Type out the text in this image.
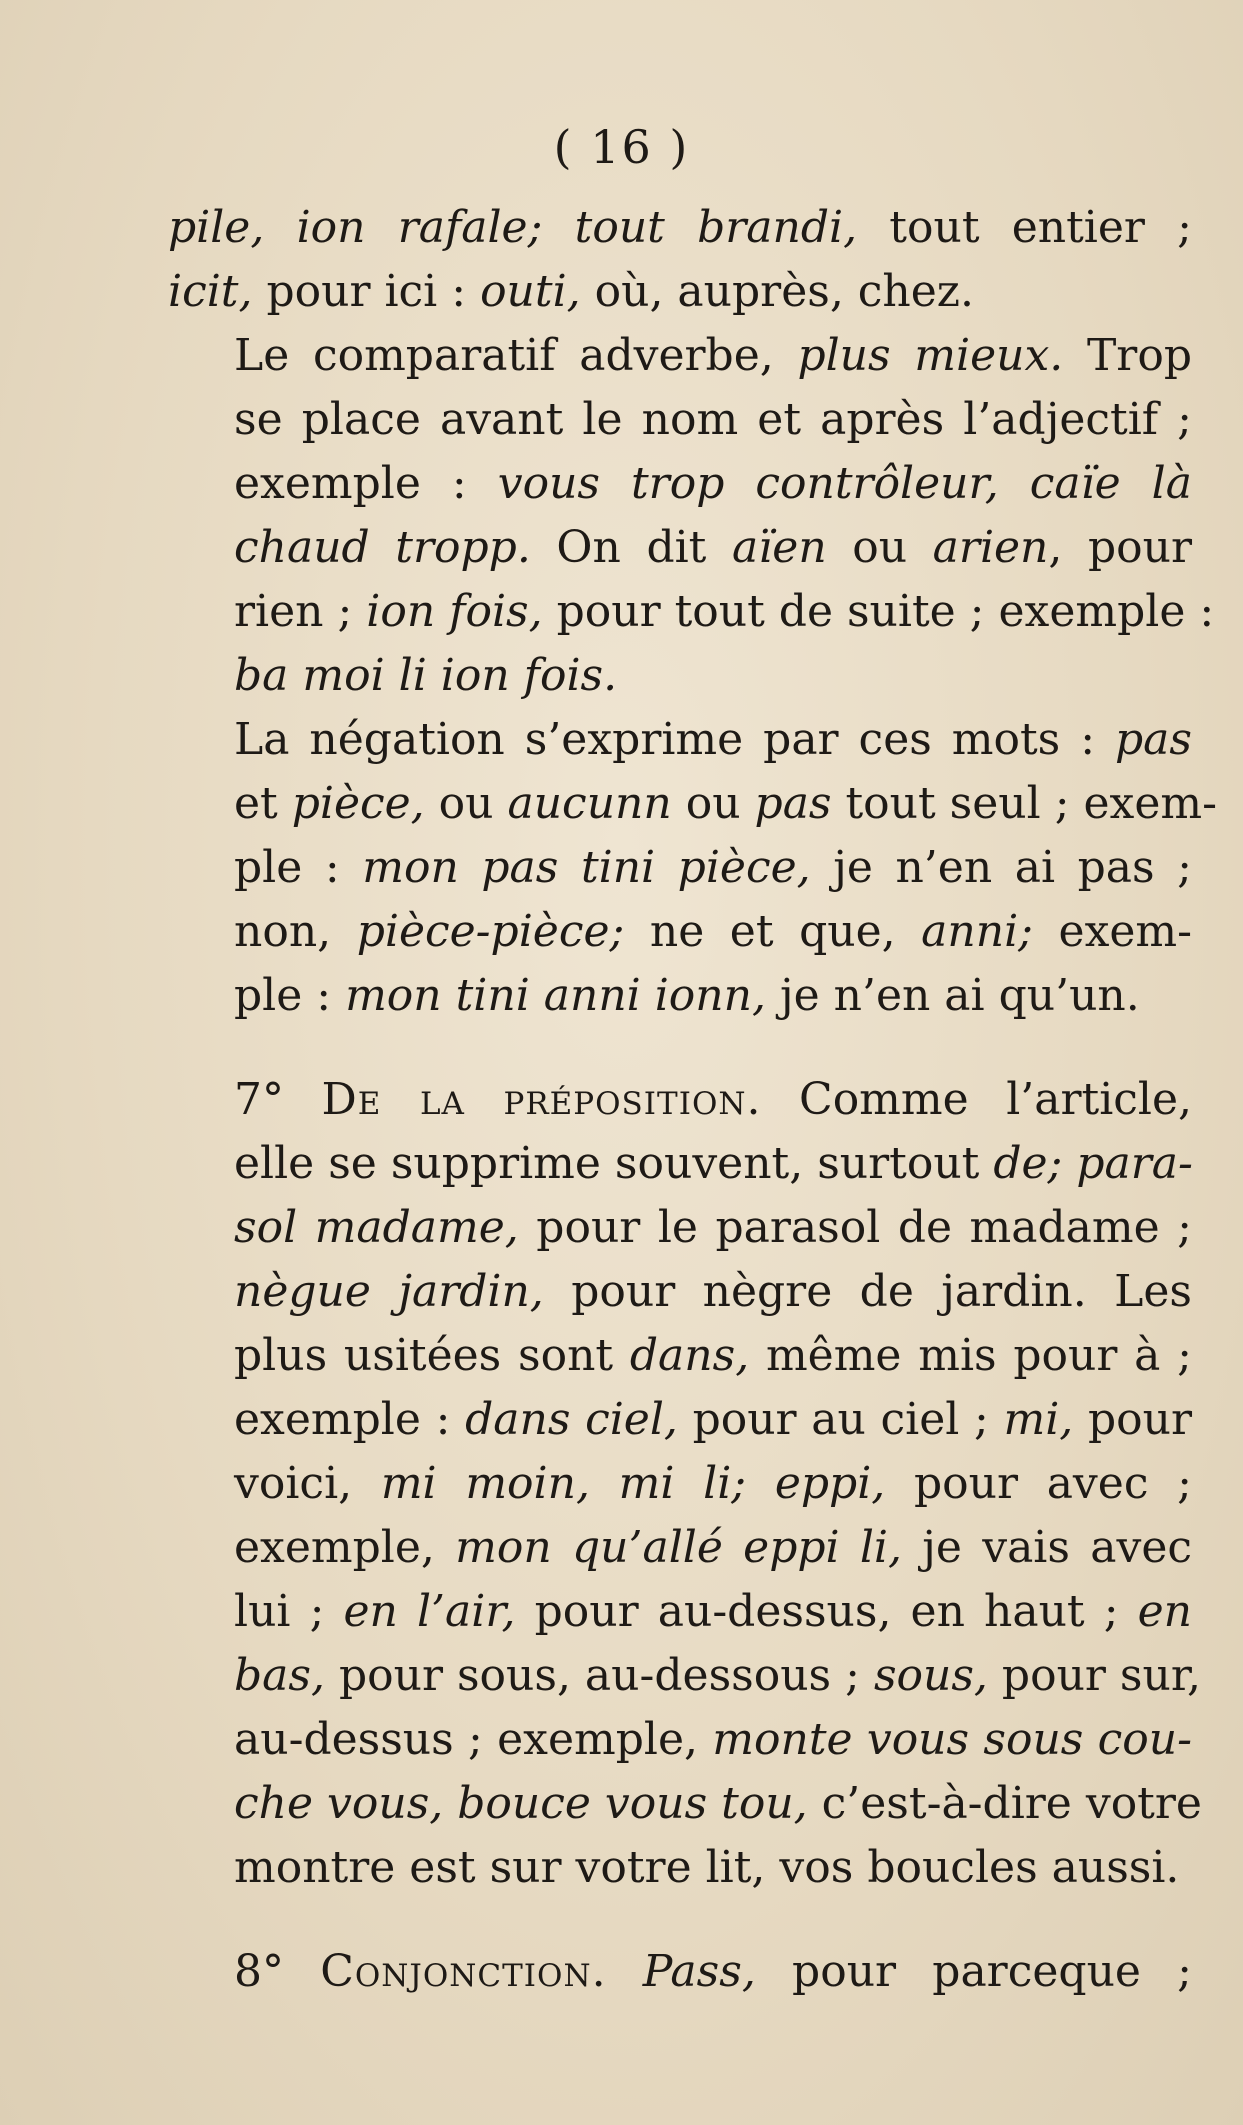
( 16 )

pile, ion rafale; tout brandi, tout entier ;
icit, pour ici : outi, où, auprès, chez.

Le comparatif adverbe, plus mieux. Trop
se place avant le nom et après l’adjectif ;
exemple : vous trop contrôleur, caïe là
chaud tropp. On dit aïen ou arien, pour
rien ; ion fois, pour tout de suite ; exemple :
ba moi li ion fois.

La négation s’exprime par ces mots : pas
et pièce, ou aucunn ou pas tout seul ; exem-
ple : mon pas tini pièce, je n’en ai pas ;
non, pièce-pièce; ne et que, anni; exem-
ple : mon tini anni ionn, je n’en ai qu’un.

7° De la préposition. Comme l’article,
elle se supprime souvent, surtout de; para-
sol madame, pour le parasol de madame ;
nègue jardin, pour nègre de jardin. Les
plus usitées sont dans, même mis pour à ;
exemple : dans ciel, pour au ciel ; mi, pour
voici, mi moin, mi li; eppi, pour avec ;
exemple, mon qu’allé eppi li, je vais avec
lui ; en l’air, pour au-dessus, en haut ; en
bas, pour sous, au-dessous ; sous, pour sur,
au-dessus ; exemple, monte vous sous cou-
che vous, bouce vous tou, c’est-à-dire votre
montre est sur votre lit, vos boucles aussi.

8° Conjonction. Pass, pour parceque ;
